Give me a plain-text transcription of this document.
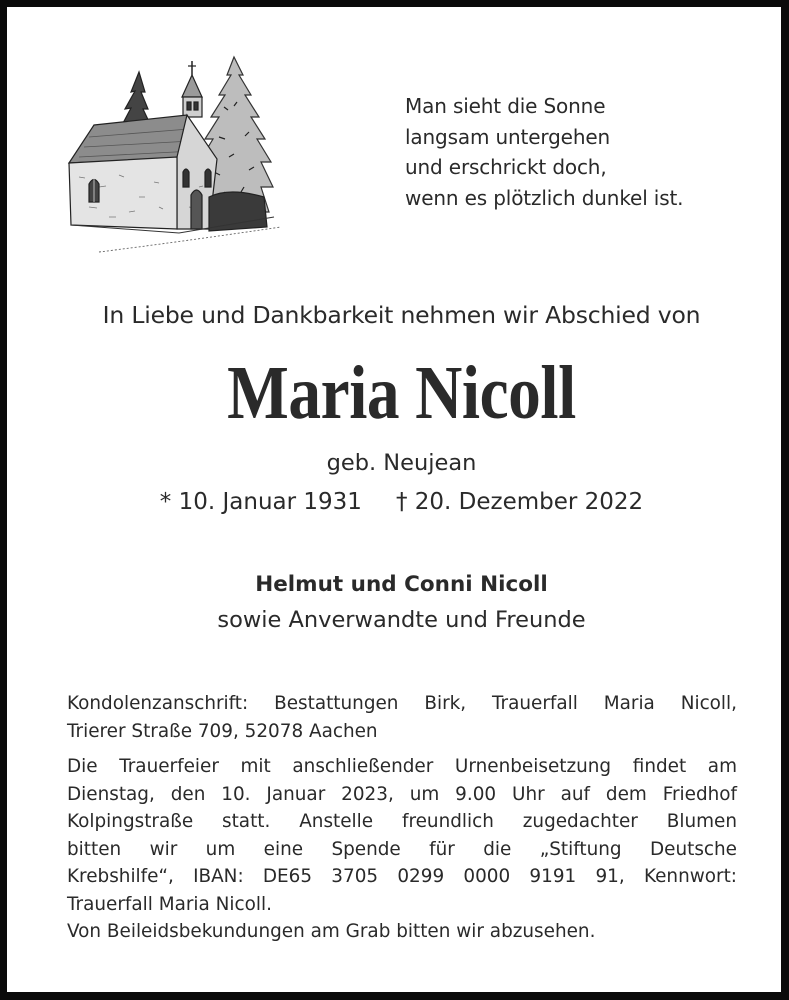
Man sieht die Sonne
langsam untergehen
und erschrickt doch,
wenn es plötzlich dunkel ist.
In Liebe und Dankbarkeit nehmen wir Abschied von
Maria Nicoll
geb. Neujean
* 10. Januar 1931 † 20. Dezember 2022
Helmut und Conni Nicoll
sowie Anverwandte und Freunde
Kondolenzanschrift: Bestattungen Birk, Trauerfall Maria Nicoll,
Trierer Straße 709, 52078 Aachen
Die Trauerfeier mit anschließender Urnenbeisetzung findet am
Dienstag, den 10. Januar 2023, um 9.00 Uhr auf dem Friedhof
Kolpingstraße statt. Anstelle freundlich zugedachter Blumen
bitten wir um eine Spende für die „Stiftung Deutsche
Krebshilfe“, IBAN: DE65 3705 0299 0000 9191 91, Kennwort:
Trauerfall Maria Nicoll.
Von Beileidsbekundungen am Grab bitten wir abzusehen.
